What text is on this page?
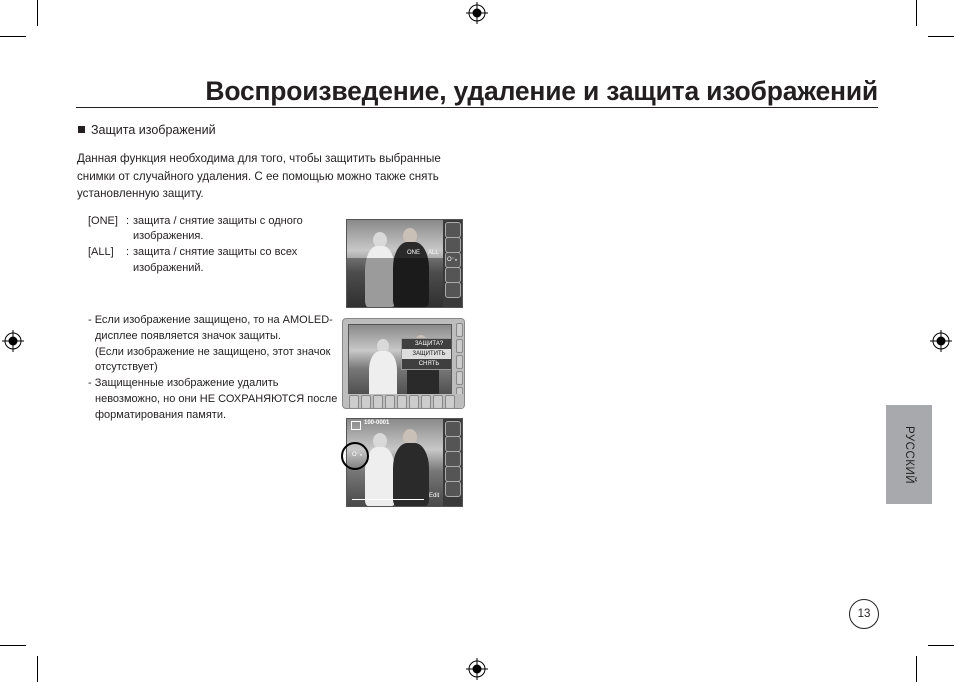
Воспроизведение, удаление и защита изображений
Защита изображений
Данная функция необходима для того, чтобы защитить выбранные
снимки от случайного удаления. С ее помощью можно также снять
установленную защиту.
[ONE] : защита / снятие защиты с одного
изображения.
[ALL] : защита / снятие защиты со всех
изображений.
- Если изображение защищено, то на AMOLED-
дисплее появляется значок защиты.
(Если изображение не защищено, этот значок
отсутствует)
- Защищенные изображение удалить
невозможно, но они НЕ СОХРАНЯЮТСЯ после
форматирования памяти.
ONE ALL
O⁻ₙ
ЗАЩИТА?
ЗАЩИТИТЬ
СНЯТЬ
100-0001
O⁻ₙ
Edit
РУССКИЙ
13
